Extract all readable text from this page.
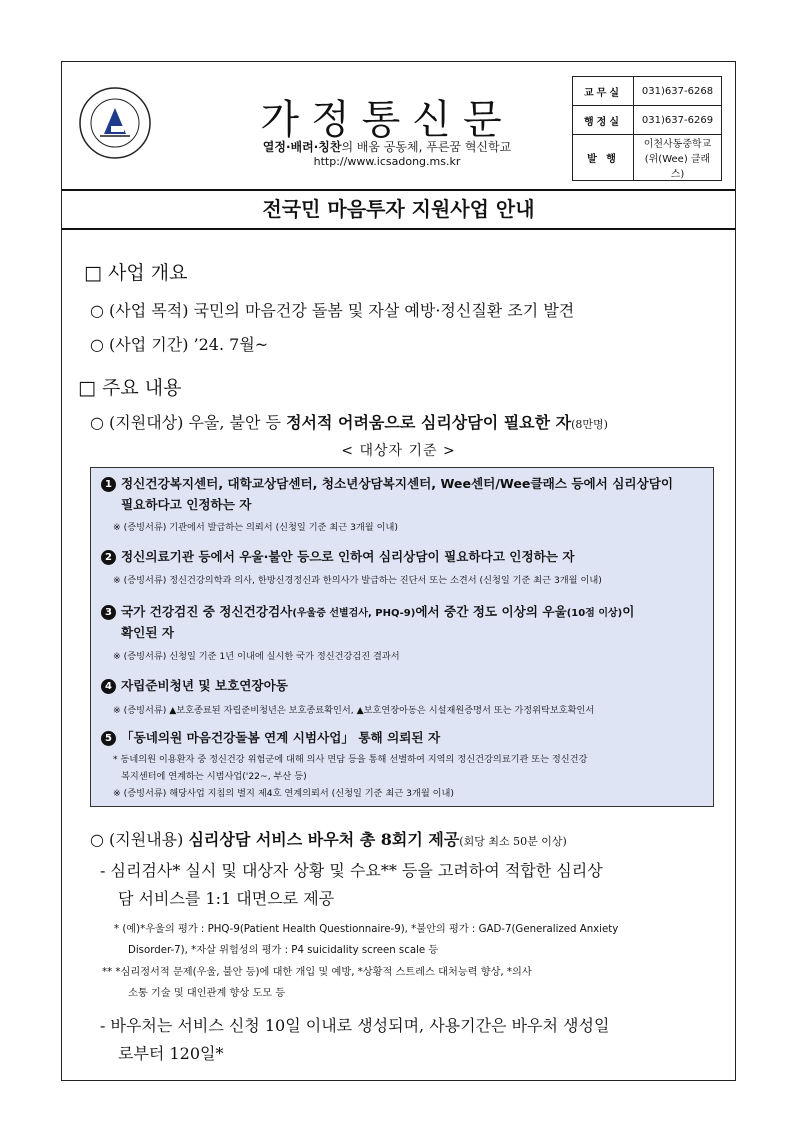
가정통신문
열정·배려·칭찬의 배움 공동체, 푸른꿈 혁신학교
http://www.icsadong.ms.kr
교무실	031)637-6268
행정실	031)637-6269
발 행	이천사동중학교
(위(Wee) 클래스)
전국민 마음투자 지원사업 안내
□ 사업 개요
○ (사업 목적) 국민의 마음건강 돌봄 및 자살 예방·정신질환 조기 발견
○ (사업 기간) ’24. 7월~
□ 주요 내용
○ (지원대상) 우울, 불안 등 정서적 어려움으로 심리상담이 필요한 자(8만명)
< 대상자 기준 >
1 정신건강복지센터, 대학교상담센터, 청소년상담복지센터, Wee센터/Wee클래스 등에서 심리상담이
필요하다고 인정하는 자
※ (증빙서류) 기관에서 발급하는 의뢰서 (신청일 기준 최근 3개월 이내)
2 정신의료기관 등에서 우울·불안 등으로 인하여 심리상담이 필요하다고 인정하는 자
※ (증빙서류) 정신건강의학과 의사, 한방신경정신과 한의사가 발급하는 진단서 또는 소견서 (신청일 기준 최근 3개월 이내)
3 국가 건강검진 중 정신건강검사(우울증 선별검사, PHQ-9)에서 중간 정도 이상의 우울(10점 이상)이
확인된 자
※ (증빙서류) 신청일 기준 1년 이내에 실시한 국가 정신건강검진 결과서
4 자립준비청년 및 보호연장아동
※ (증빙서류) ▲보호종료된 자립준비청년은 보호종료확인서, ▲보호연장아동은 시설재원증명서 또는 가정위탁보호확인서
5 「동네의원 마음건강돌봄 연계 시범사업」 통해 의뢰된 자
* 동네의원 이용환자 중 정신건강 위험군에 대해 의사 면담 등을 통해 선별하여 지역의 정신건강의료기관 또는 정신건강
복지센터에 연계하는 시범사업('22~, 부산 등)
※ (증빙서류) 해당사업 지침의 별지 제4호 연계의뢰서 (신청일 기준 최근 3개월 이내)
○ (지원내용) 심리상담 서비스 바우처 총 8회기 제공(회당 최소 50분 이상)
- 심리검사* 실시 및 대상자 상황 및 수요** 등을 고려하여 적합한 심리상
담 서비스를 1:1 대면으로 제공
* (예)*우울의 평가 : PHQ-9(Patient Health Questionnaire-9), *불안의 평가 : GAD-7(Generalized Anxiety
Disorder-7), *자살 위험성의 평가 : P4 suicidality screen scale 등
** *심리정서적 문제(우울, 불안 등)에 대한 개입 및 예방, *상황적 스트레스 대처능력 향상, *의사
소통 기술 및 대인관계 향상 도모 등
- 바우처는 서비스 신청 10일 이내로 생성되며, 사용기간은 바우처 생성일
로부터 120일*
